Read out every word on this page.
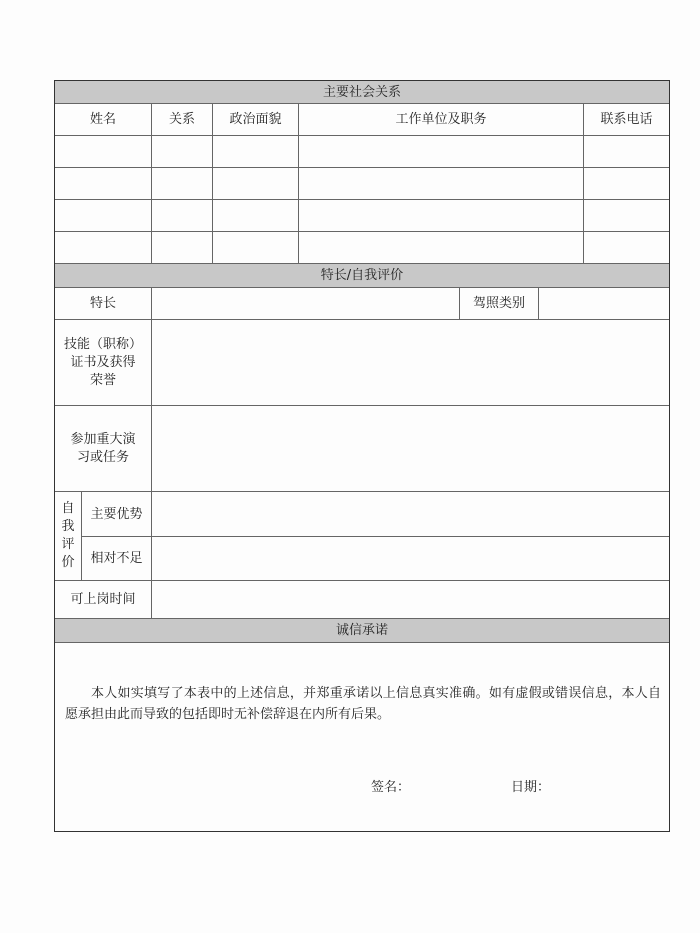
主要社会关系
姓名	关系	政治面貌	工作单位及职务	联系电话
特长/自我评价
特长	驾照类别
技能（职称）
证书及获得
荣誉
参加重大演
习或任务
自
我
评
价
主要优势
相对不足
可上岗时间
诚信承诺
本人如实填写了本表中的上述信息，并郑重承诺以上信息真实准确。如有虚假或错误信息，本人自愿承担由此而导致的包括即时无补偿辞退在内所有后果。
签名：	日期：
